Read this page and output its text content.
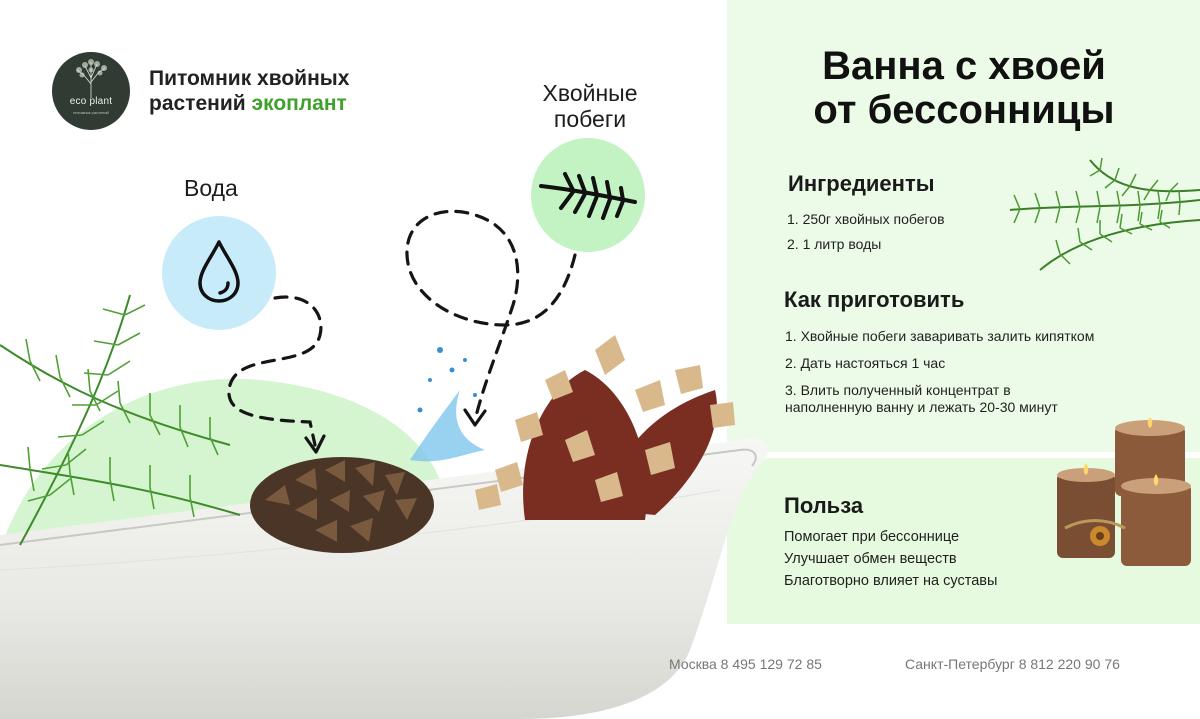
eco plant
питомник растений
Питомник хвойных
растений экоплант
Вода
Хвойные
побеги
Ванна с хвоей
от бессонницы
Ингредиенты
1. 250г хвойных побегов
2. 1 литр воды
Как приготовить
1. Хвойные побеги заваривать залить кипятком
2. Дать настояться 1 час
3. Влить полученный концентрат в
наполненную ванну и лежать 20-30 минут
Польза
Помогает при бессоннице
Улучшает обмен веществ
Благотворно влияет на суставы
Москва 8 495 129 72 85	Санкт-Петербург 8 812 220 90 76
